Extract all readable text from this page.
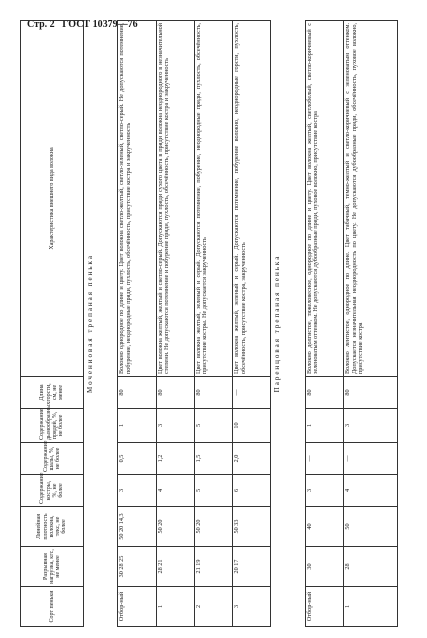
Стр. 2 ГОСТ 10379—76
Сорт пеньки	Разрывная нагрузка, кгс, не менее	Линейная плотность волокна, текс, не более	Содержание костры, %, не более	Содержание шалы, %, не более	Содержание дымообразных прядей, %, не более	Длина горсти, см, не менее	Характеристика внешнего вида волокна
Мочениовая трепаная пенька							
Отбор-ный	30 28 25	50 20 14,3	3	0,5	1	80	Волокно однородное по длине и цвету. Цвет волокна светло-желтый, светло-зеленый, светло-серый. Не допускаются потемнение, побурение, неоднородные пряди, пухлость, обсечённость, присутствие костра и закрученность
1	28 21	50 20	4	1,2	3	80	Цвет волокна желтый, желтый и светло-серый. Допускаются пряди сухого цвета в пряди волокна неоднородного в незначительной степени. Не допускаются потемнение и побурение пряди, пухлость, обсечённость, присутствие костра и закрученность
2	21 19	50 20	5	1,5	5	80	Цвет волокна желтый, зеленый и серый. Допускаются потемнение, побурение, неоднородные пряди, пухлость, обсечённость, присутствие костры. Не допускается закрученность
3	20 17	50 33	6	2,0	10	—	Цвет волокна желтый, зеленый и серый. Допускаются потемнение, побурение волокно, неоднородные горсти, пухлость, обсечённость, присутствие костра, закрученность
Паренцовая трепаная пенька							
Отбор-ный	30	40	3	—	1	80	Волокно долгистое, тяжеловесное, однородное по длине и цвету. Цвет волокна желтый, светлобелый, светло-коричневый с зеленоватым оттенком. Не допускаются дубообразные пряди, пуховое волокно, присутствие костра
1	28	50	4	—	3	80	Волокно лентистое, однородное по длине. Цвет табачный, темно-желтый и светло-коричневый с зеленоватым оттенком. Допускается незначительная неоднородность по цвету. Не допускаются дубообразные пряди, обсечённость, пуховое волокно, присутствие костра
